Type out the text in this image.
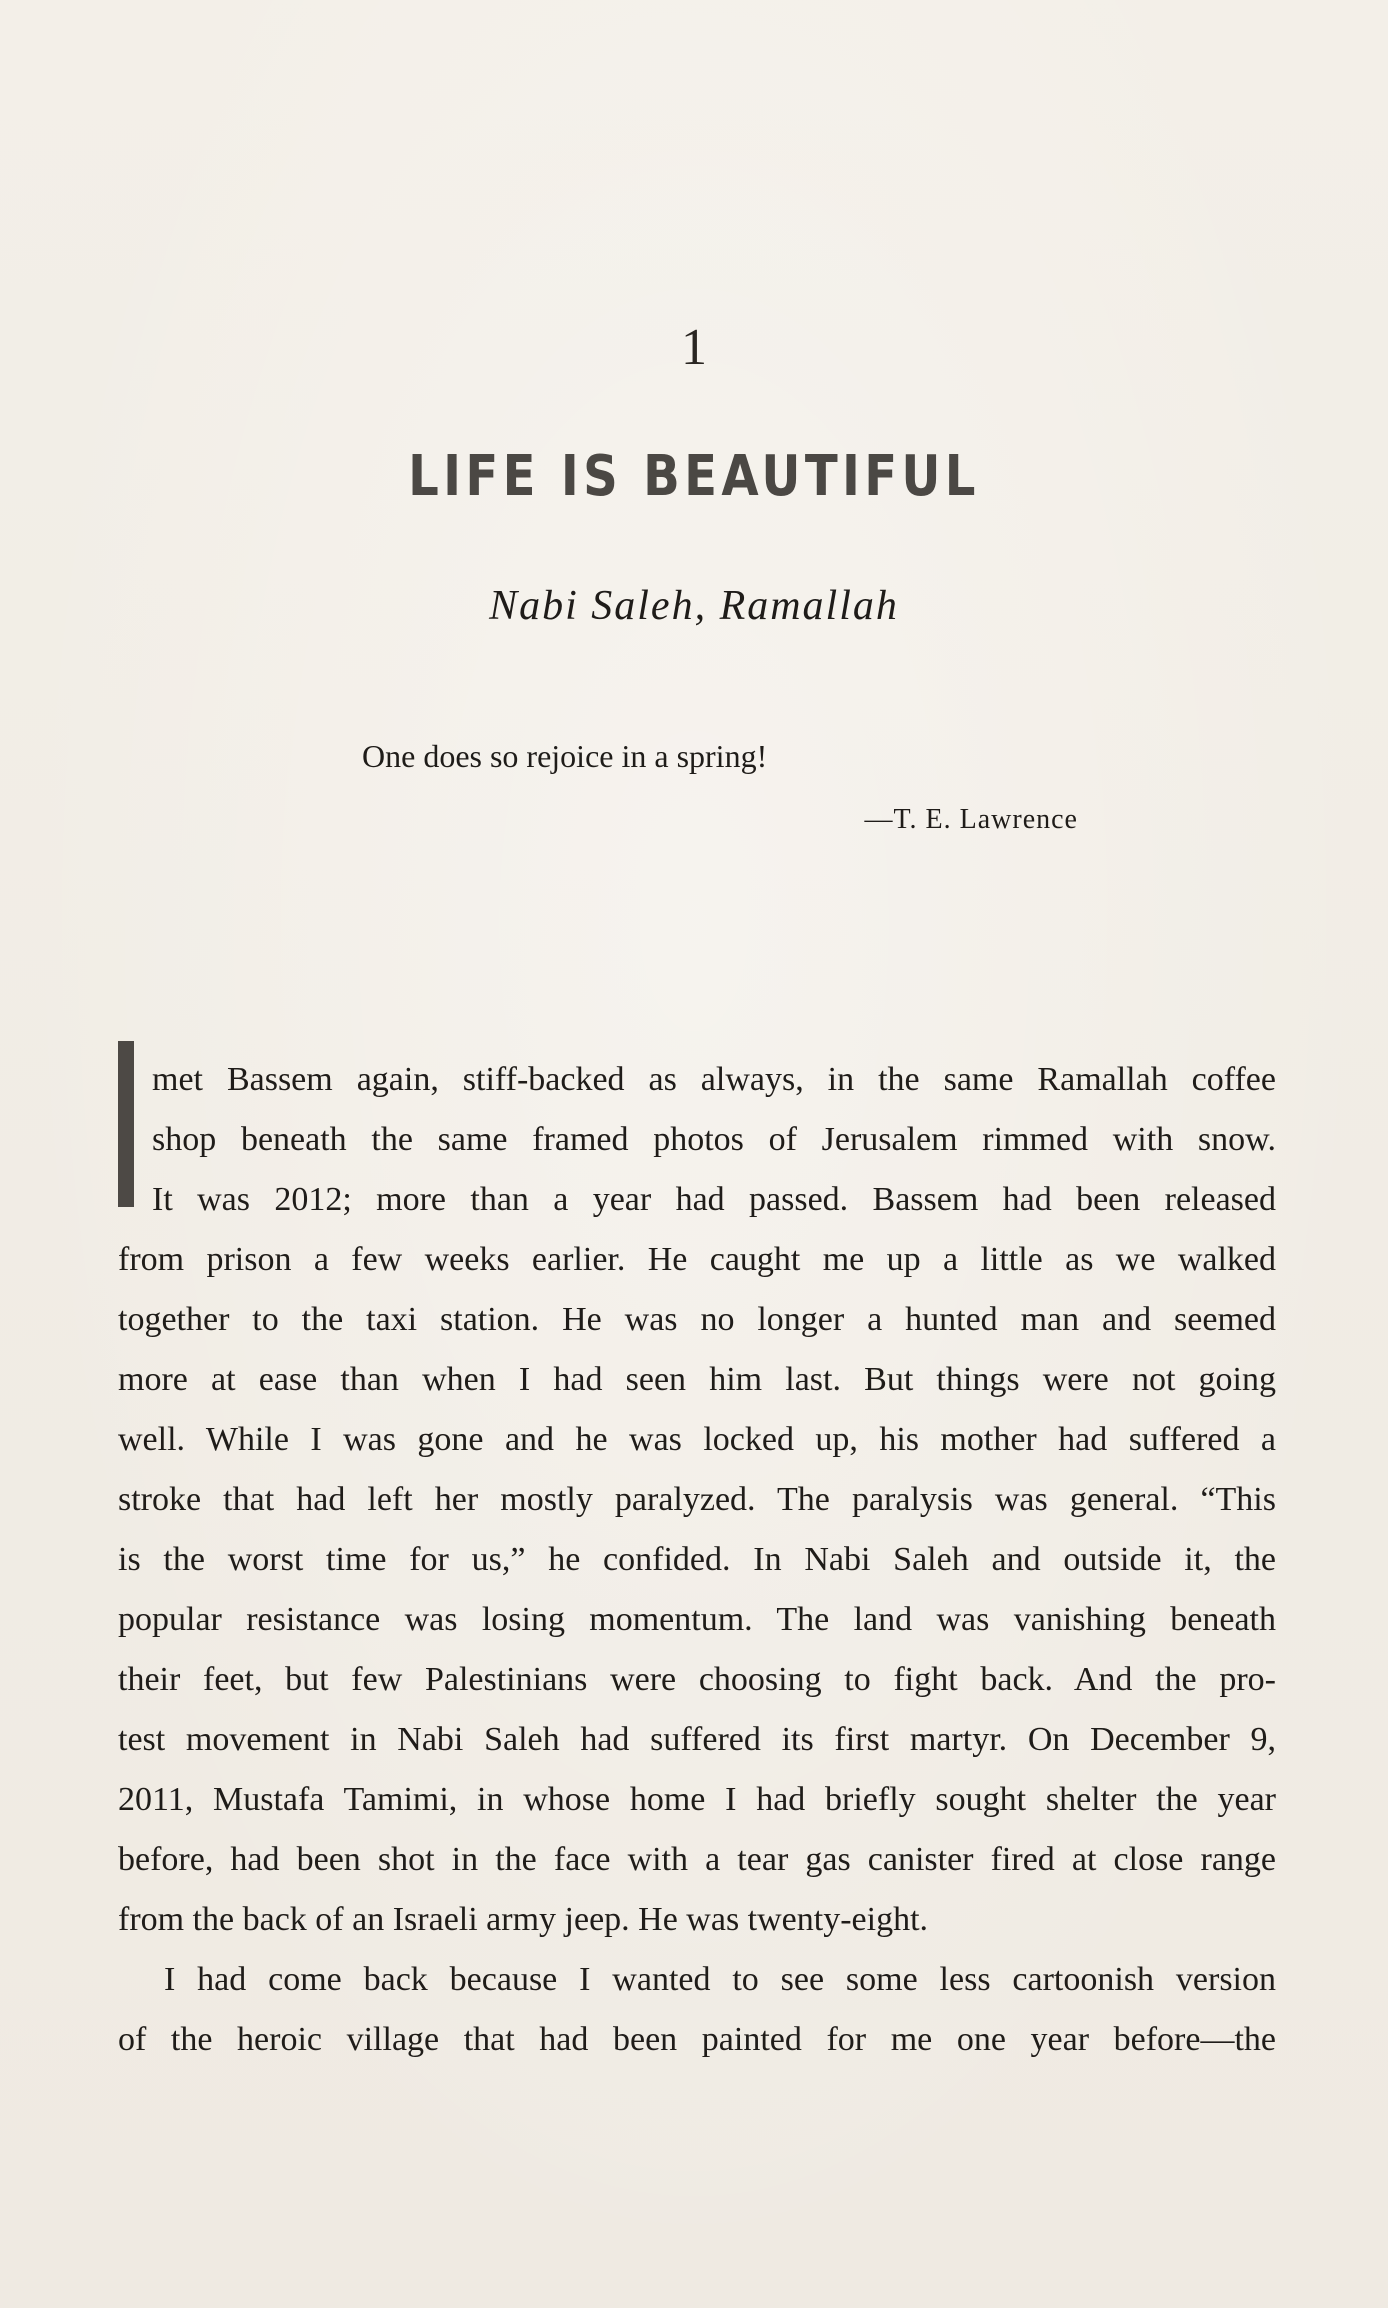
1
LIFE IS BEAUTIFUL
Nabi Saleh, Ramallah
One does so rejoice in a spring!
—T. E. Lawrence
met Bassem again, stiff-backed as always, in the same Ramallah coffee
shop beneath the same framed photos of Jerusalem rimmed with snow.
It was 2012; more than a year had passed. Bassem had been released
from prison a few weeks earlier. He caught me up a little as we walked
together to the taxi station. He was no longer a hunted man and seemed
more at ease than when I had seen him last. But things were not going
well. While I was gone and he was locked up, his mother had suffered a
stroke that had left her mostly paralyzed. The paralysis was general. “This
is the worst time for us,” he confided. In Nabi Saleh and outside it, the
popular resistance was losing momentum. The land was vanishing beneath
their feet, but few Palestinians were choosing to fight back. And the pro-
test movement in Nabi Saleh had suffered its first martyr. On December 9,
2011, Mustafa Tamimi, in whose home I had briefly sought shelter the year
before, had been shot in the face with a tear gas canister fired at close range
from the back of an Israeli army jeep. He was twenty-eight.
I had come back because I wanted to see some less cartoonish version
of the heroic village that had been painted for me one year before—the
